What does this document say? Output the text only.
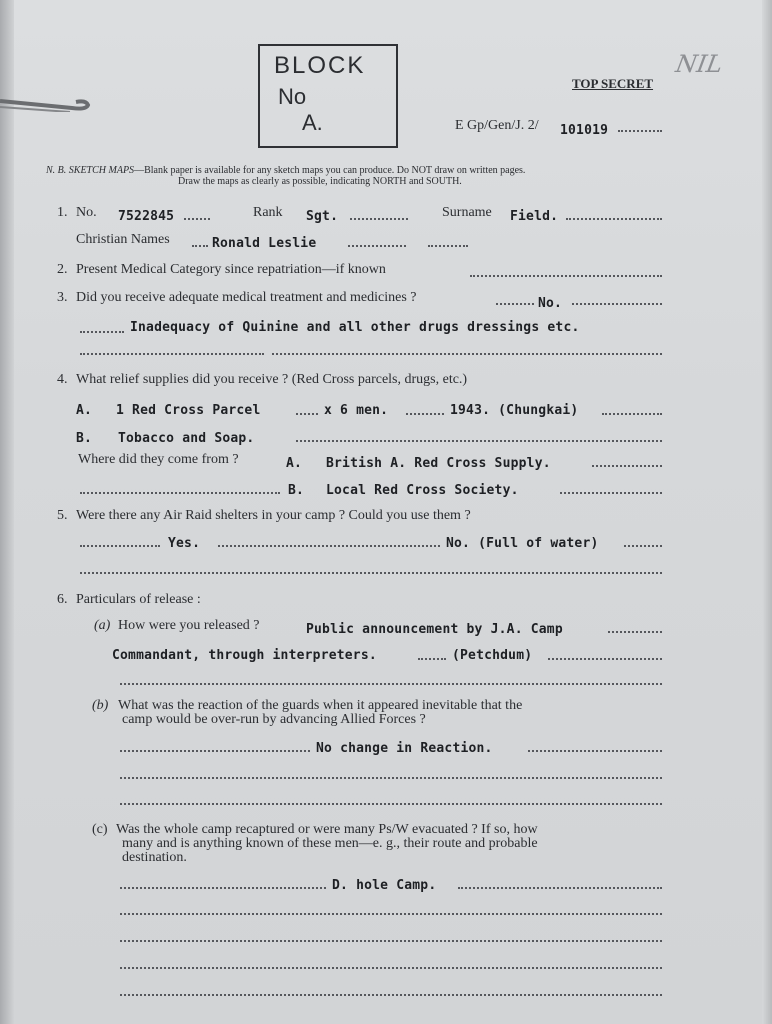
BLOCK
No
A.
NIL
TOP SECRET
E Gp/Gen/J. 2/ 101019
N. B. SKETCH MAPS—Blank paper is available for any sketch maps you can produce. Do NOT draw on written pages.
Draw the maps as clearly as possible, indicating NORTH and SOUTH.
1. No. 7522845	Rank Sgt.	Surname Field.
Christian Names	Ronald Leslie
2. Present Medical Category since repatriation—if known
3. Did you receive adequate medical treatment and medicines ?	No.
Inadequacy of Quinine and all other drugs dressings etc.
4. What relief supplies did you receive ? (Red Cross parcels, drugs, etc.)
A. 1 Red Cross Parcel	x 6 men.	1943. (Chungkai)
B. Tobacco and Soap.
Where did they come from ?	A. British A. Red Cross Supply.
B. Local Red Cross Society.
5. Were there any Air Raid shelters in your camp ? Could you use them ?
Yes.	No. (Full of water)
6. Particulars of release :
(a) How were you released ?	Public announcement by J.A. Camp
Commandant, through interpreters.	(Petchdum)
(b) What was the reaction of the guards when it appeared inevitable that the
camp would be over-run by advancing Allied Forces ?
No change in Reaction.
(c) Was the whole camp recaptured or were many Ps/W evacuated ? If so, how
many and is anything known of these men—e. g., their route and probable
destination.
D. hole Camp.
